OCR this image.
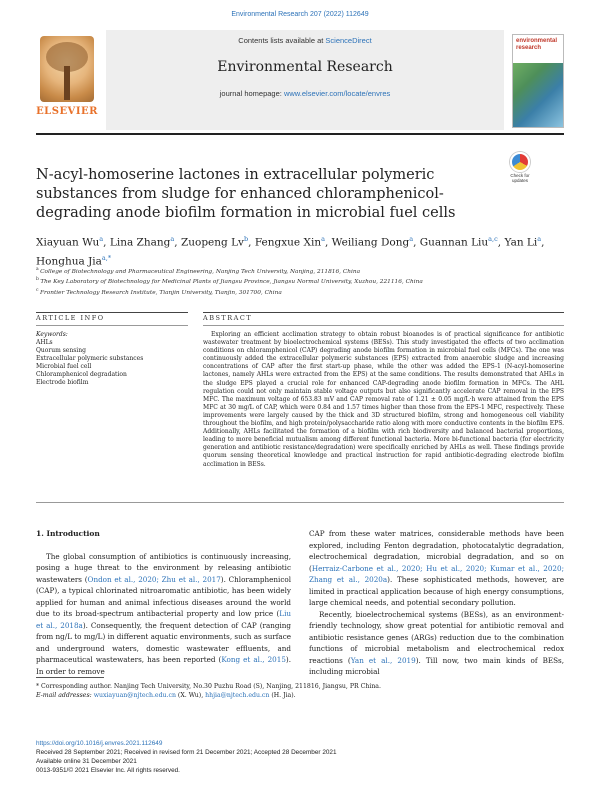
Environmental Research 207 (2022) 112649
ELSEVIER
Contents lists available at ScienceDirect
Environmental Research
journal homepage: www.elsevier.com/locate/envres
environmental research
N-acyl-homoserine lactones in extracellular polymeric substances from sludge for enhanced chloramphenicol-degrading anode biofilm formation in microbial fuel cells
Check for updates
Xiayuan Wu$^a$, Lina Zhang$^a$, Zuopeng Lv$^b$, Fengxue Xin$^a$, Weiliang Dong$^a$, Guannan Liu$^{a,c}$, Yan Li$^a$, Honghua Jia$^{a,*}$
$^a$ College of Biotechnology and Pharmaceutical Engineering, Nanjing Tech University, Nanjing, 211816, China
$^b$ The Key Laboratory of Biotechnology for Medicinal Plants of Jiangsu Province, Jiangsu Normal University, Xuzhou, 221116, China
$^c$ Frontier Technology Research Institute, Tianjin University, Tianjin, 301700, China
ARTICLE INFO	ABSTRACT
Keywords:
AHLs
Quorum sensing
Extracellular polymeric substances
Microbial fuel cell
Chloramphenicol degradation
Electrode biofilm
Exploring an efficient acclimation strategy to obtain robust bioanodes is of practical significance for antibiotic wastewater treatment by bioelectrochemical systems (BESs). This study investigated the effects of two acclimation conditions on chloramphenicol (CAP) degrading anode biofilm formation in microbial fuel cells (MFCs). The one was continuously added the extracellular polymeric substances (EPS) extracted from anaerobic sludge and increasing concentrations of CAP after the first start-up phase, while the other was added the EPS-1 (N-acyl-homoserine lactones, namely AHLs were extracted from the EPS) at the same conditions. The results demonstrated that AHLs in the sludge EPS played a crucial role for enhanced CAP-degrading anode biofilm formation in MFCs. The AHL regulation could not only maintain stable voltage outputs but also significantly accelerate CAP removal in the EPS MFC. The maximum voltage of 653.83 mV and CAP removal rate of 1.21 ± 0.05 mg/L·h were attained from the EPS MFC at 30 mg/L of CAP, which were 0.84 and 1.57 times higher than those from the EPS-1 MFC, respectively. These improvements were largely caused by the thick and 3D structured biofilm, strong and homogeneous cell viability throughout the biofilm, and high protein/polysaccharide ratio along with more conductive contents in the biofilm EPS. Additionally, AHLs facilitated the formation of a biofilm with rich biodiversity and balanced bacterial proportions, leading to more beneficial mutualism among different functional bacteria. More bi-functional bacteria (for electricity generation and antibiotic resistance/degradation) were specifically enriched by AHLs as well. These findings provide quorum sensing theoretical knowledge and practical instruction for rapid antibiotic-degrading electrode biofilm acclimation in BESs.
1. Introduction

The global consumption of antibiotics is continuously increasing, posing a huge threat to the environment by releasing antibiotic wastewaters (Ondon et al., 2020; Zhu et al., 2017). Chloramphenicol (CAP), a typical chlorinated nitroaromatic antibiotic, has been widely applied for human and animal infectious diseases around the world due to its broad-spectrum antibacterial property and low price (Liu et al., 2018a). Consequently, the frequent detection of CAP (ranging from ng/L to mg/L) in different aquatic environments, such as surface and underground waters, domestic wastewater effluents, and pharmaceutical wastewaters, has been reported (Kong et al., 2015). In order to remove

CAP from these water matrices, considerable methods have been explored, including Fenton degradation, photocatalytic degradation, electrochemical degradation, microbial degradation, and so on (Herraiz-Carbone et al., 2020; Hu et al., 2020; Kumar et al., 2020; Zhang et al., 2020a). These sophisticated methods, however, are limited in practical application because of high energy consumptions, large chemical needs, and potential secondary pollution.

Recently, bioelectrochemical systems (BESs), as an environment-friendly technology, show great potential for antibiotic removal and antibiotic resistance genes (ARGs) reduction due to the combination functions of microbial metabolism and electrochemical redox reactions (Yan et al., 2019). Till now, two main kinds of BESs, including microbial

* Corresponding author. Nanjing Tech University, No.30 Puzhu Road (S), Nanjing, 211816, Jiangsu, PR China.
E-mail addresses: wuxiayuan@njtech.edu.cn (X. Wu), hhjia@njtech.edu.cn (H. Jia).
https://doi.org/10.1016/j.envres.2021.112649
Received 28 September 2021; Received in revised form 21 December 2021; Accepted 28 December 2021
Available online 31 December 2021
0013-9351/© 2021 Elsevier Inc. All rights reserved.
